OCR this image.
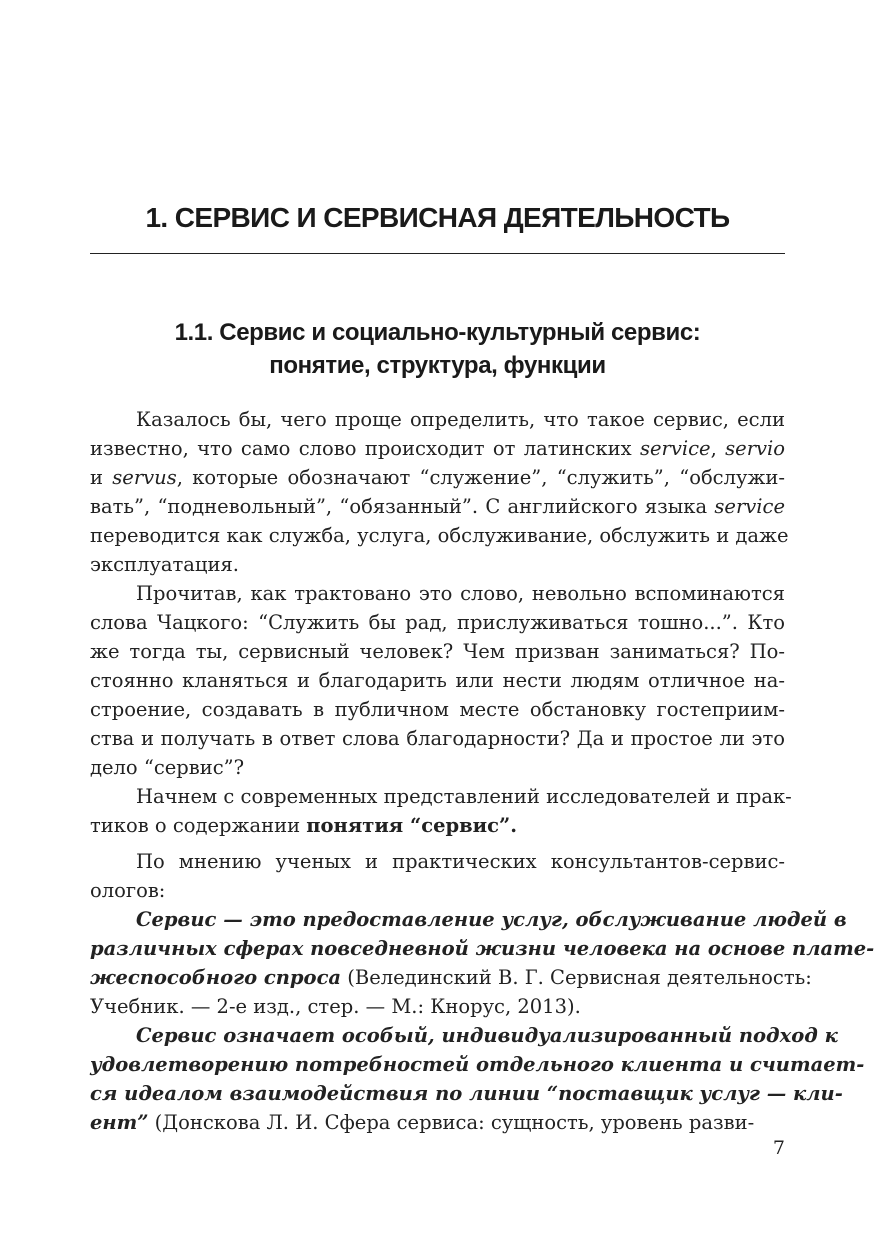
1. СЕРВИС И СЕРВИСНАЯ ДЕЯТЕЛЬНОСТЬ
1.1. Сервис и социально-культурный сервис:
понятие, структура, функции
Казалось бы, чего проще определить, что такое сервис, если
известно, что само слово происходит от латинских service, servio
и servus, которые обозначают “служение”, “служить”, “обслужи-
вать”, “подневольный”, “обязанный”. С английского языка service
переводится как служба, услуга, обслуживание, обслужить и даже
эксплуатация.
Прочитав, как трактовано это слово, невольно вспоминаются
слова Чацкого: “Служить бы рад, прислуживаться тошно...”. Кто
же тогда ты, сервисный человек? Чем призван заниматься? По-
стоянно кланяться и благодарить или нести людям отличное на-
строение, создавать в публичном месте обстановку гостеприим-
ства и получать в ответ слова благодарности? Да и простое ли это
дело “сервис”?
Начнем с современных представлений исследователей и прак-
тиков о содержании понятия “сервис”.
По мнению ученых и практических консультантов-сервис-
ологов:
Сервис — это предоставление услуг, обслуживание людей в
различных сферах повседневной жизни человека на основе плате-
жеспособного спроса (Велединский В. Г. Сервисная деятельность:
Учебник. — 2-е изд., стер. — М.: Кнорус, 2013).
Сервис означает особый, индивидуализированный подход к
удовлетворению потребностей отдельного клиента и считает-
ся идеалом взаимодействия по линии “поставщик услуг — кли-
ент” (Донскова Л. И. Сфера сервиса: сущность, уровень разви-
7
